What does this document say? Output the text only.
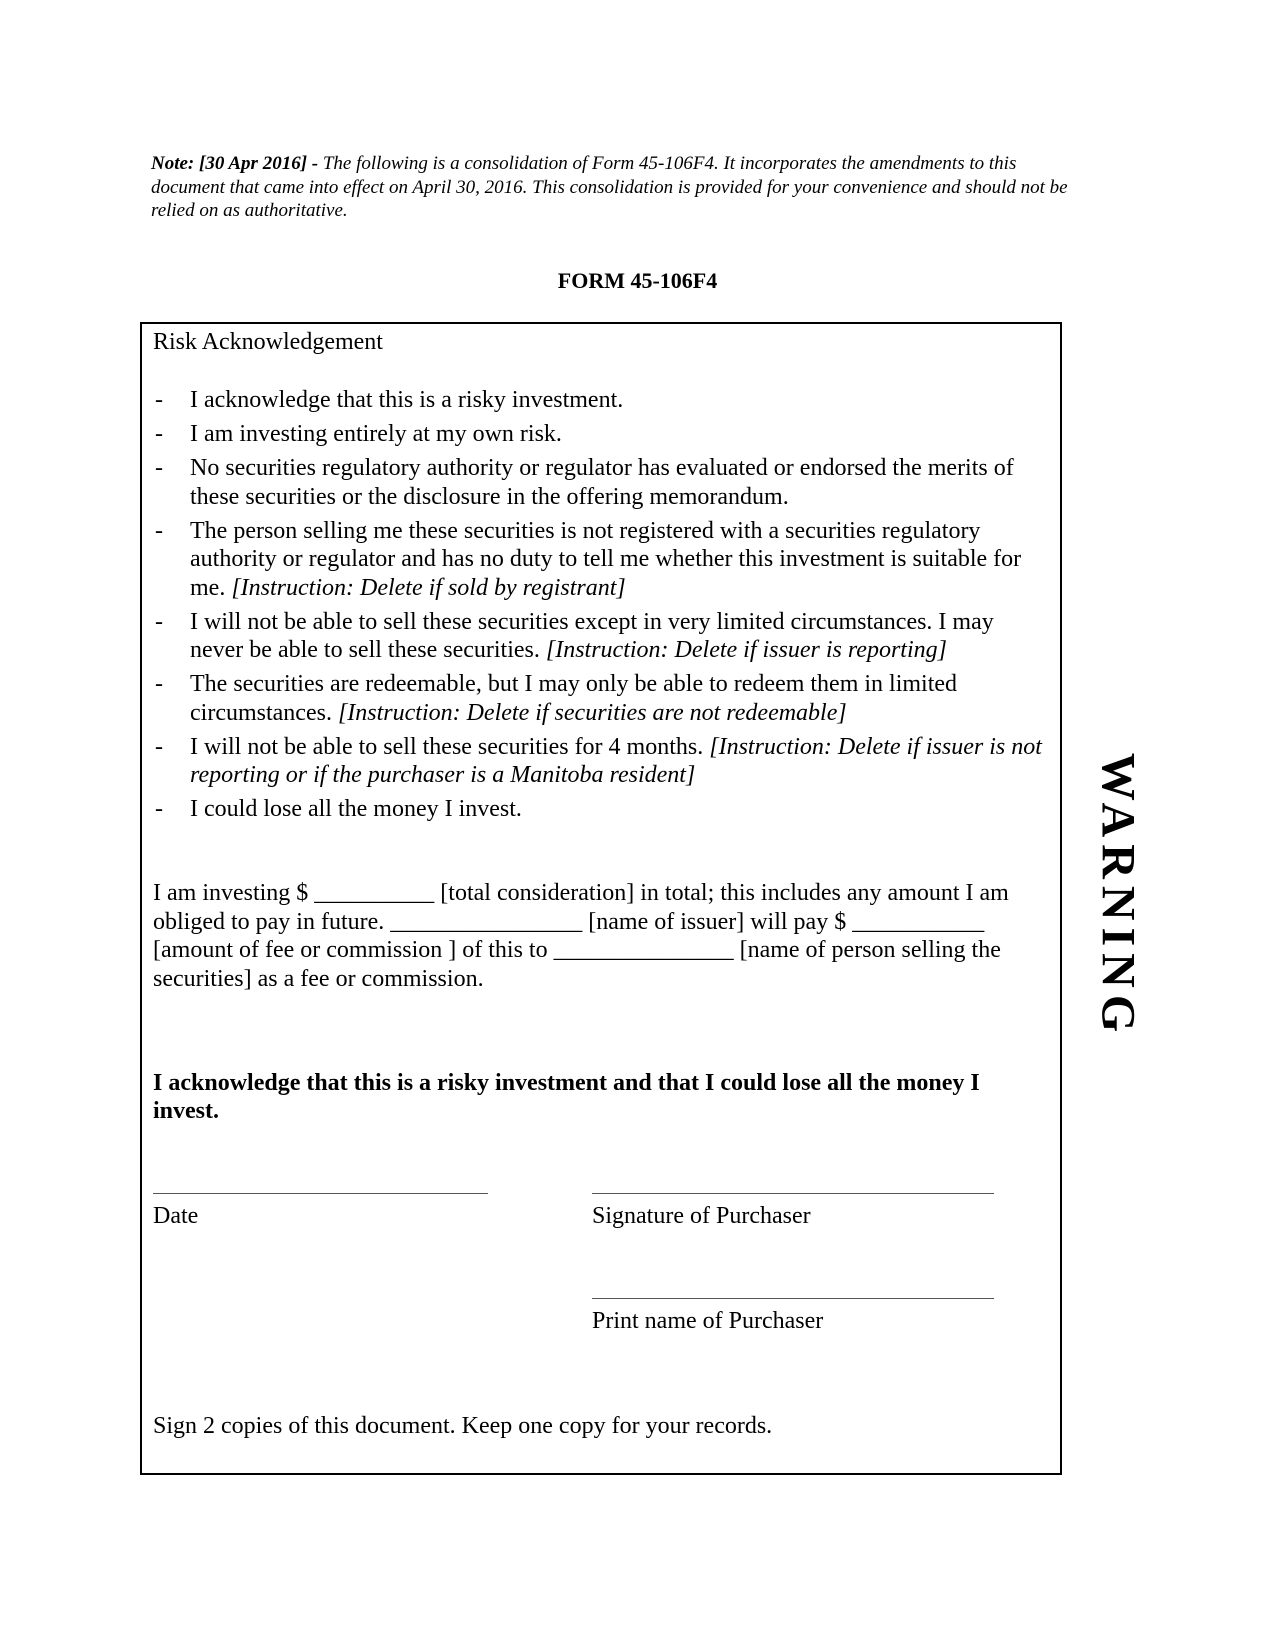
Note: [30 Apr 2016] - The following is a consolidation of Form 45-106F4. It incorporates the amendments to this document that came into effect on April 30, 2016. This consolidation is provided for your convenience and should not be relied on as authoritative.
FORM 45-106F4
Risk Acknowledgement
- I acknowledge that this is a risky investment.
- I am investing entirely at my own risk.
- No securities regulatory authority or regulator has evaluated or endorsed the merits of these securities or the disclosure in the offering memorandum.
- The person selling me these securities is not registered with a securities regulatory authority or regulator and has no duty to tell me whether this investment is suitable for me. [Instruction: Delete if sold by registrant]
- I will not be able to sell these securities except in very limited circumstances. I may never be able to sell these securities. [Instruction: Delete if issuer is reporting]
- The securities are redeemable, but I may only be able to redeem them in limited circumstances. [Instruction: Delete if securities are not redeemable]
- I will not be able to sell these securities for 4 months. [Instruction: Delete if issuer is not reporting or if the purchaser is a Manitoba resident]
- I could lose all the money I invest.
I am investing $ __________ [total consideration] in total; this includes any amount I am obliged to pay in future. ________________ [name of issuer] will pay $ ___________ [amount of fee or commission ] of this to _______________ [name of person selling the securities] as a fee or commission.
I acknowledge that this is a risky investment and that I could lose all the money I invest.
Date	Signature of Purchaser
Print name of Purchaser
Sign 2 copies of this document. Keep one copy for your records.
WARNING
